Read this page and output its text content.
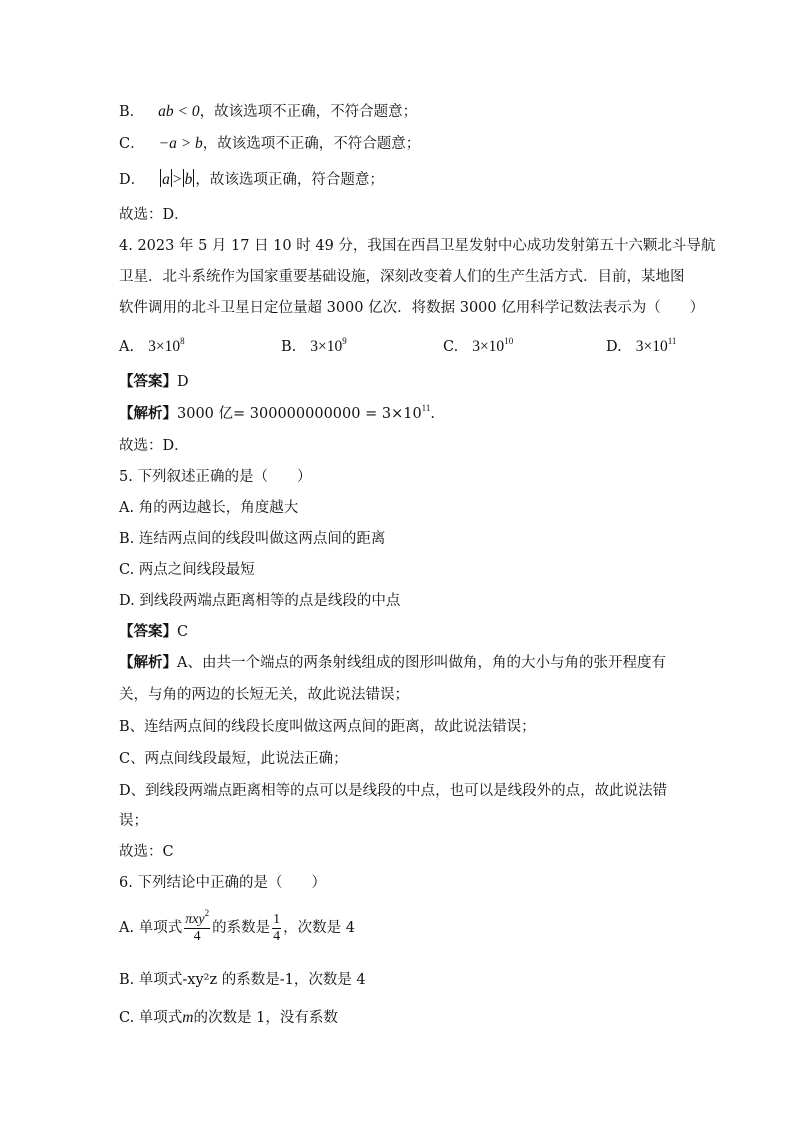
B． ab < 0，故该选项不正确，不符合题意；
C． −a > b，故该选项不正确，不符合题意；
D． a > b ，故该选项正确，符合题意；
故选：D．
4. 2023 年 5 月 17 日 10 时 49 分，我国在西昌卫星发射中心成功发射第五十六颗北斗导航
卫星．北斗系统作为国家重要基础设施，深刻改变着人们的生产生活方式．目前，某地图
软件调用的北斗卫星日定位量超 3000 亿次．将数据 3000 亿用科学记数法表示为（　　）
A. $3\times 10^8$	B. $3\times 10^9$	C. $3\times 10^{10}$	D. $3\times 10^{11}$
【答案】D
【解析】3000 亿= $300000000000 = 3\times 10^{11}$.
故选：D．
5. 下列叙述正确的是（　　）
A. 角的两边越长，角度越大
B. 连结两点间的线段叫做这两点间的距离
C. 两点之间线段最短
D. 到线段两端点距离相等的点是线段的中点
【答案】C
【解析】A、由共一个端点的两条射线组成的图形叫做角，角的大小与角的张开程度有
关，与角的两边的长短无关，故此说法错误；
B、连结两点间的线段长度叫做这两点间的距离，故此说法错误；
C、两点间线段最短，此说法正确；
D、到线段两端点距离相等的点可以是线段的中点，也可以是线段外的点，故此说法错
误；
故选：C
6. 下列结论中正确的是（　　）
A. 单项式 $\frac{\pi xy^2}{4}$ 的系数是 $\frac{1}{4}$ ，次数是 4
B. 单项式-xy²z 的系数是-1，次数是 4
C. 单项式m的次数是 1，没有系数
